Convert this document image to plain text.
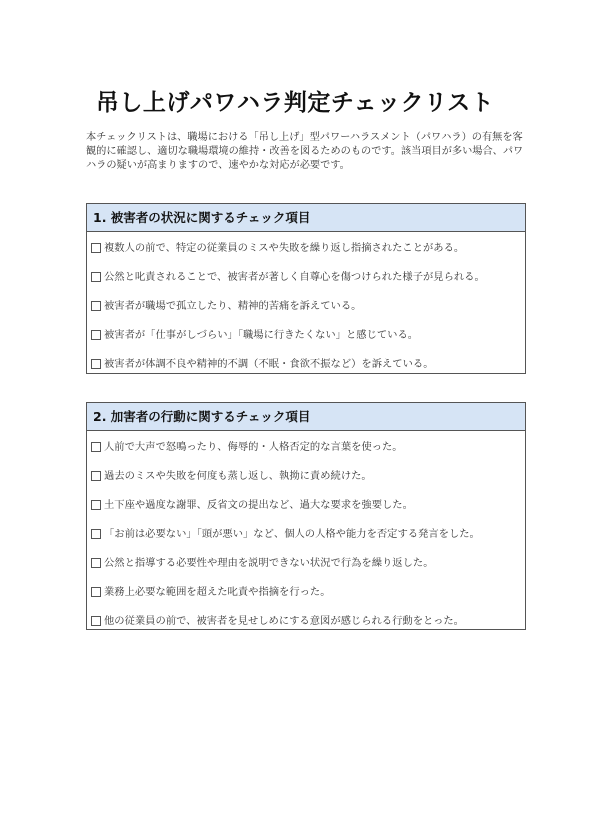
吊し上げパワハラ判定チェックリスト
本チェックリストは、職場における「吊し上げ」型パワーハラスメント（パワハラ）の有無を客観的に確認し、適切な職場環境の維持・改善を図るためのものです。該当項目が多い場合、パワハラの疑いが高まりますので、速やかな対応が必要です。
1. 被害者の状況に関するチェック項目
複数人の前で、特定の従業員のミスや失敗を繰り返し指摘されたことがある。
公然と叱責されることで、被害者が著しく自尊心を傷つけられた様子が見られる。
被害者が職場で孤立したり、精神的苦痛を訴えている。
被害者が「仕事がしづらい」「職場に行きたくない」と感じている。
被害者が体調不良や精神的不調（不眠・食欲不振など）を訴えている。
2. 加害者の行動に関するチェック項目
人前で大声で怒鳴ったり、侮辱的・人格否定的な言葉を使った。
過去のミスや失敗を何度も蒸し返し、執拗に責め続けた。
土下座や過度な謝罪、反省文の提出など、過大な要求を強要した。
「お前は必要ない」「頭が悪い」など、個人の人格や能力を否定する発言をした。
公然と指導する必要性や理由を説明できない状況で行為を繰り返した。
業務上必要な範囲を超えた叱責や指摘を行った。
他の従業員の前で、被害者を見せしめにする意図が感じられる行動をとった。
